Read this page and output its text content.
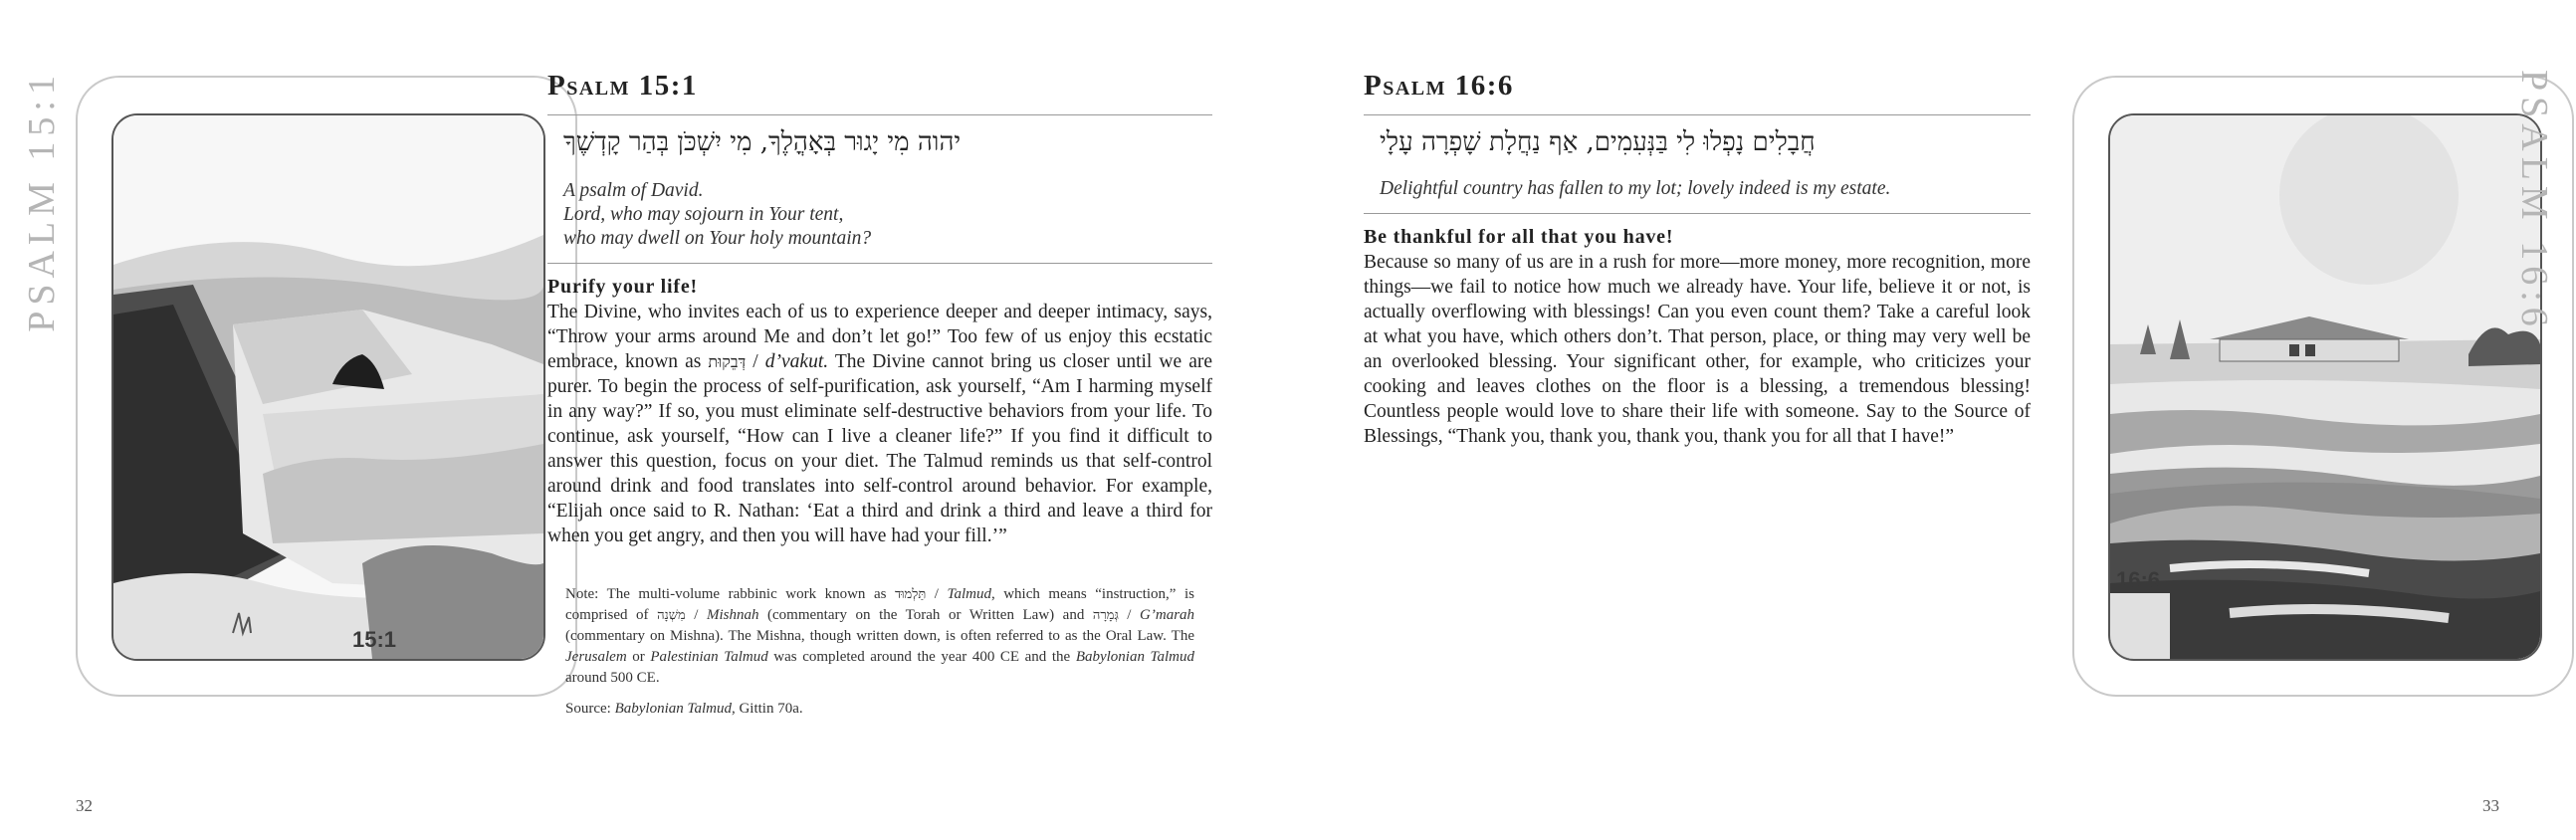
PSALM 15:1
15:1
Psalm 15:1
יהוה מִי יָגוּר בְּאָהֳלֶךָ, מִי יִשְׁכֹּן בְּהַר קָדְשֶׁךָ
A psalm of David.
Lord, who may sojourn in Your tent,
who may dwell on Your holy mountain?
Purify your life!
The Divine, who invites each of us to experience deeper and deeper intimacy, says, “Throw your arms around Me and don’t let go!” Too few of us enjoy this ecstatic embrace, known as דְּבֵקוּת / d’vakut. The Divine cannot bring us closer until we are purer. To begin the process of self-purification, ask yourself, “Am I harming myself in any way?” If so, you must eliminate self-destructive behaviors from your life. To continue, ask yourself, “How can I live a cleaner life?” If you find it difficult to answer this question, focus on your diet. The Talmud reminds us that self-control around drink and food translates into self-control around behavior. For example, “Elijah once said to R. Nathan: ‘Eat a third and drink a third and leave a third for when you get angry, and then you will have had your fill.’”
Note: The multi-volume rabbinic work known as תַּלְמוּד / Talmud, which means “instruction,” is comprised of מִשְׁנָה / Mishnah (commentary on the Torah or Written Law) and גְּמָרָה / G’marah (commentary on Mishna). The Mishna, though written down, is often referred to as the Oral Law. The Jerusalem or Palestinian Talmud was completed around the year 400 CE and the Babylonian Talmud around 500 CE.
Source: Babylonian Talmud, Gittin 70a.
32
Psalm 16:6
חֲבָלִים נָפְלוּ לִי בַּנְּעִמִים, אַף נַחֲלָת שָׁפְרָה עָלָי
Delightful country has fallen to my lot; lovely indeed is my estate.
Be thankful for all that you have!
Because so many of us are in a rush for more—more money, more recognition, more things—we fail to notice how much we already have. Your life, believe it or not, is actually overflowing with blessings! Can you even count them? Take a careful look at what you have, which others don’t. That person, place, or thing may very well be an overlooked blessing. Your significant other, for example, who criticizes your cooking and leaves clothes on the floor is a blessing, a tremendous blessing! Countless people would love to share their life with someone. Say to the Source of Blessings, “Thank you, thank you, thank you, thank you for all that I have!”
16:6
PSALM 16:6
33
